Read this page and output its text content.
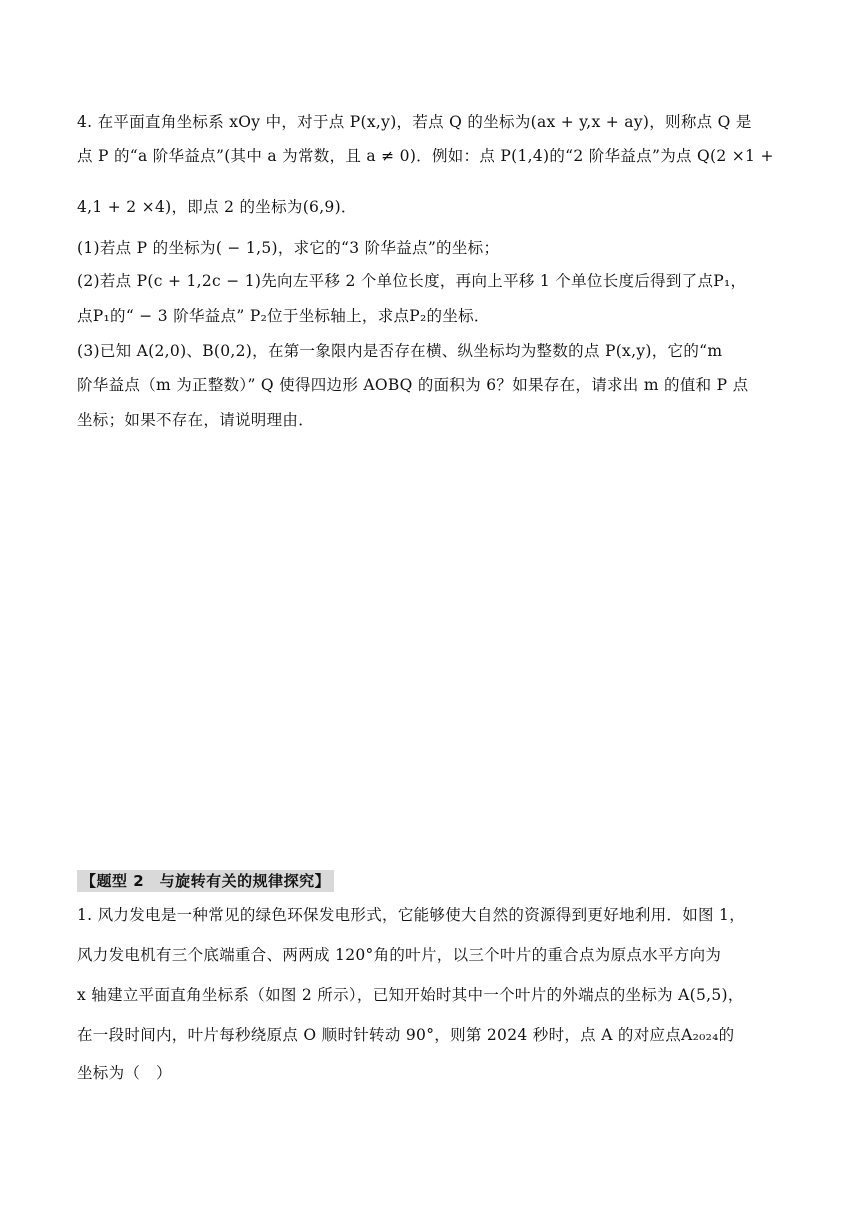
4. 在平面直角坐标系 xOy 中，对于点 P(x,y)，若点 Q 的坐标为(ax + y,x + ay)，则称点 Q 是
点 P 的“a 阶华益点”(其中 a 为常数，且 a ≠ 0)．例如：点 P(1,4)的“2 阶华益点”为点 Q(2 ×1 +
4,1 + 2 ×4)，即点 2 的坐标为(6,9)．
(1)若点 P 的坐标为( − 1,5)，求它的“3 阶华益点”的坐标；
(2)若点 P(c + 1,2c − 1)先向左平移 2 个单位长度，再向上平移 1 个单位长度后得到了点P₁，
点P₁的“ − 3 阶华益点” P₂位于坐标轴上，求点P₂的坐标．
(3)已知 A(2,0)、B(0,2)，在第一象限内是否存在横、纵坐标均为整数的点 P(x,y)，它的“m
阶华益点（m 为正整数）” Q 使得四边形 AOBQ 的面积为 6？如果存在，请求出 m 的值和 P 点
坐标；如果不存在，请说明理由．
【题型 2　与旋转有关的规律探究】
1. 风力发电是一种常见的绿色环保发电形式，它能够使大自然的资源得到更好地利用．如图 1，
风力发电机有三个底端重合、两两成 120°角的叶片，以三个叶片的重合点为原点水平方向为
x 轴建立平面直角坐标系（如图 2 所示），已知开始时其中一个叶片的外端点的坐标为 A(5,5)，
在一段时间内，叶片每秒绕原点 O 顺时针转动 90°，则第 2024 秒时，点 A 的对应点A₂₀₂₄的
坐标为（　）
